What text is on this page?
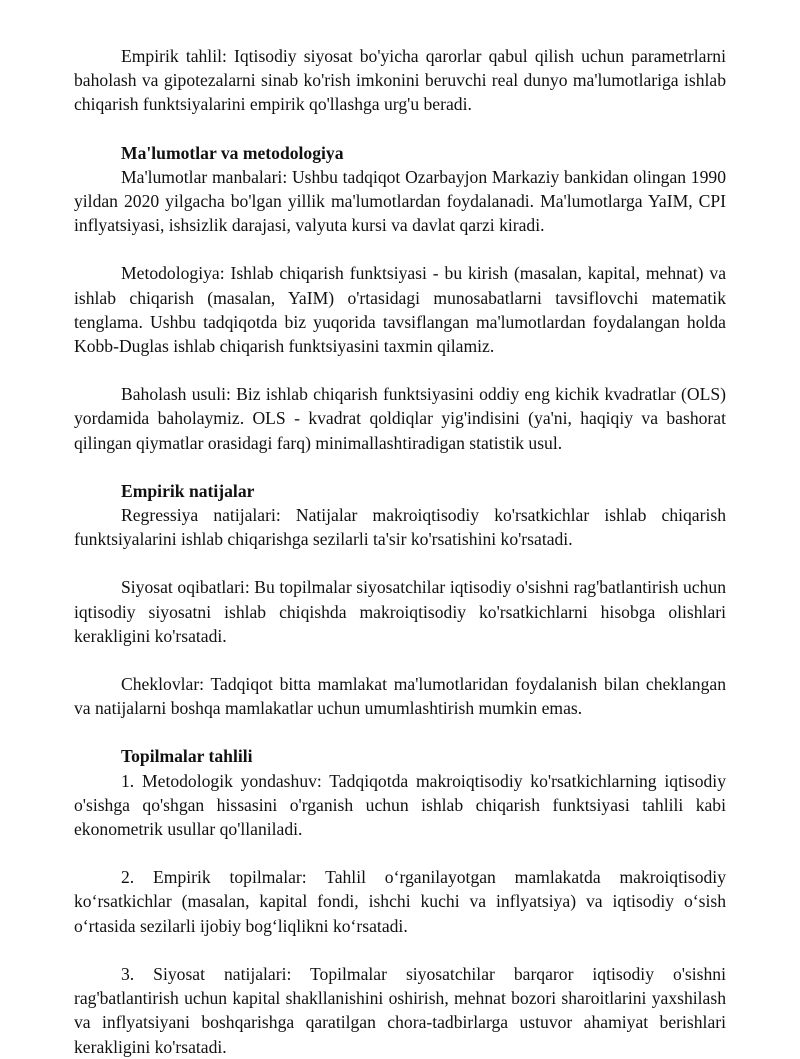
Empirik tahlil: Iqtisodiy siyosat bo'yicha qarorlar qabul qilish uchun parametrlarni baholash va gipotezalarni sinab ko'rish imkonini beruvchi real dunyo ma'lumotlariga ishlab chiqarish funktsiyalarini empirik qo'llashga urg'u beradi.

Ma'lumotlar va metodologiya

Ma'lumotlar manbalari: Ushbu tadqiqot Ozarbayjon Markaziy bankidan olingan 1990 yildan 2020 yilgacha bo'lgan yillik ma'lumotlardan foydalanadi. Ma'lumotlarga YaIM, CPI inflyatsiyasi, ishsizlik darajasi, valyuta kursi va davlat qarzi kiradi.

Metodologiya: Ishlab chiqarish funktsiyasi - bu kirish (masalan, kapital, mehnat) va ishlab chiqarish (masalan, YaIM) o'rtasidagi munosabatlarni tavsiflovchi matematik tenglama. Ushbu tadqiqotda biz yuqorida tavsiflangan ma'lumotlardan foydalangan holda Kobb-Duglas ishlab chiqarish funktsiyasini taxmin qilamiz.

Baholash usuli: Biz ishlab chiqarish funktsiyasini oddiy eng kichik kvadratlar (OLS) yordamida baholaymiz. OLS - kvadrat qoldiqlar yig'indisini (ya'ni, haqiqiy va bashorat qilingan qiymatlar orasidagi farq) minimallashtiradigan statistik usul.

Empirik natijalar

Regressiya natijalari: Natijalar makroiqtisodiy ko'rsatkichlar ishlab chiqarish funktsiyalarini ishlab chiqarishga sezilarli ta'sir ko'rsatishini ko'rsatadi.

Siyosat oqibatlari: Bu topilmalar siyosatchilar iqtisodiy o'sishni rag'batlantirish uchun iqtisodiy siyosatni ishlab chiqishda makroiqtisodiy ko'rsatkichlarni hisobga olishlari kerakligini ko'rsatadi.

Cheklovlar: Tadqiqot bitta mamlakat ma'lumotlaridan foydalanish bilan cheklangan va natijalarni boshqa mamlakatlar uchun umumlashtirish mumkin emas.

Topilmalar tahlili

1. Metodologik yondashuv: Tadqiqotda makroiqtisodiy ko'rsatkichlarning iqtisodiy o'sishga qo'shgan hissasini o'rganish uchun ishlab chiqarish funktsiyasi tahlili kabi ekonometrik usullar qo'llaniladi.

2. Empirik topilmalar: Tahlil o‘rganilayotgan mamlakatda makroiqtisodiy ko‘rsatkichlar (masalan, kapital fondi, ishchi kuchi va inflyatsiya) va iqtisodiy o‘sish o‘rtasida sezilarli ijobiy bog‘liqlikni ko‘rsatadi.

3. Siyosat natijalari: Topilmalar siyosatchilar barqaror iqtisodiy o'sishni rag'batlantirish uchun kapital shakllanishini oshirish, mehnat bozori sharoitlarini yaxshilash va inflyatsiyani boshqarishga qaratilgan chora-tadbirlarga ustuvor ahamiyat berishlari kerakligini ko'rsatadi.
